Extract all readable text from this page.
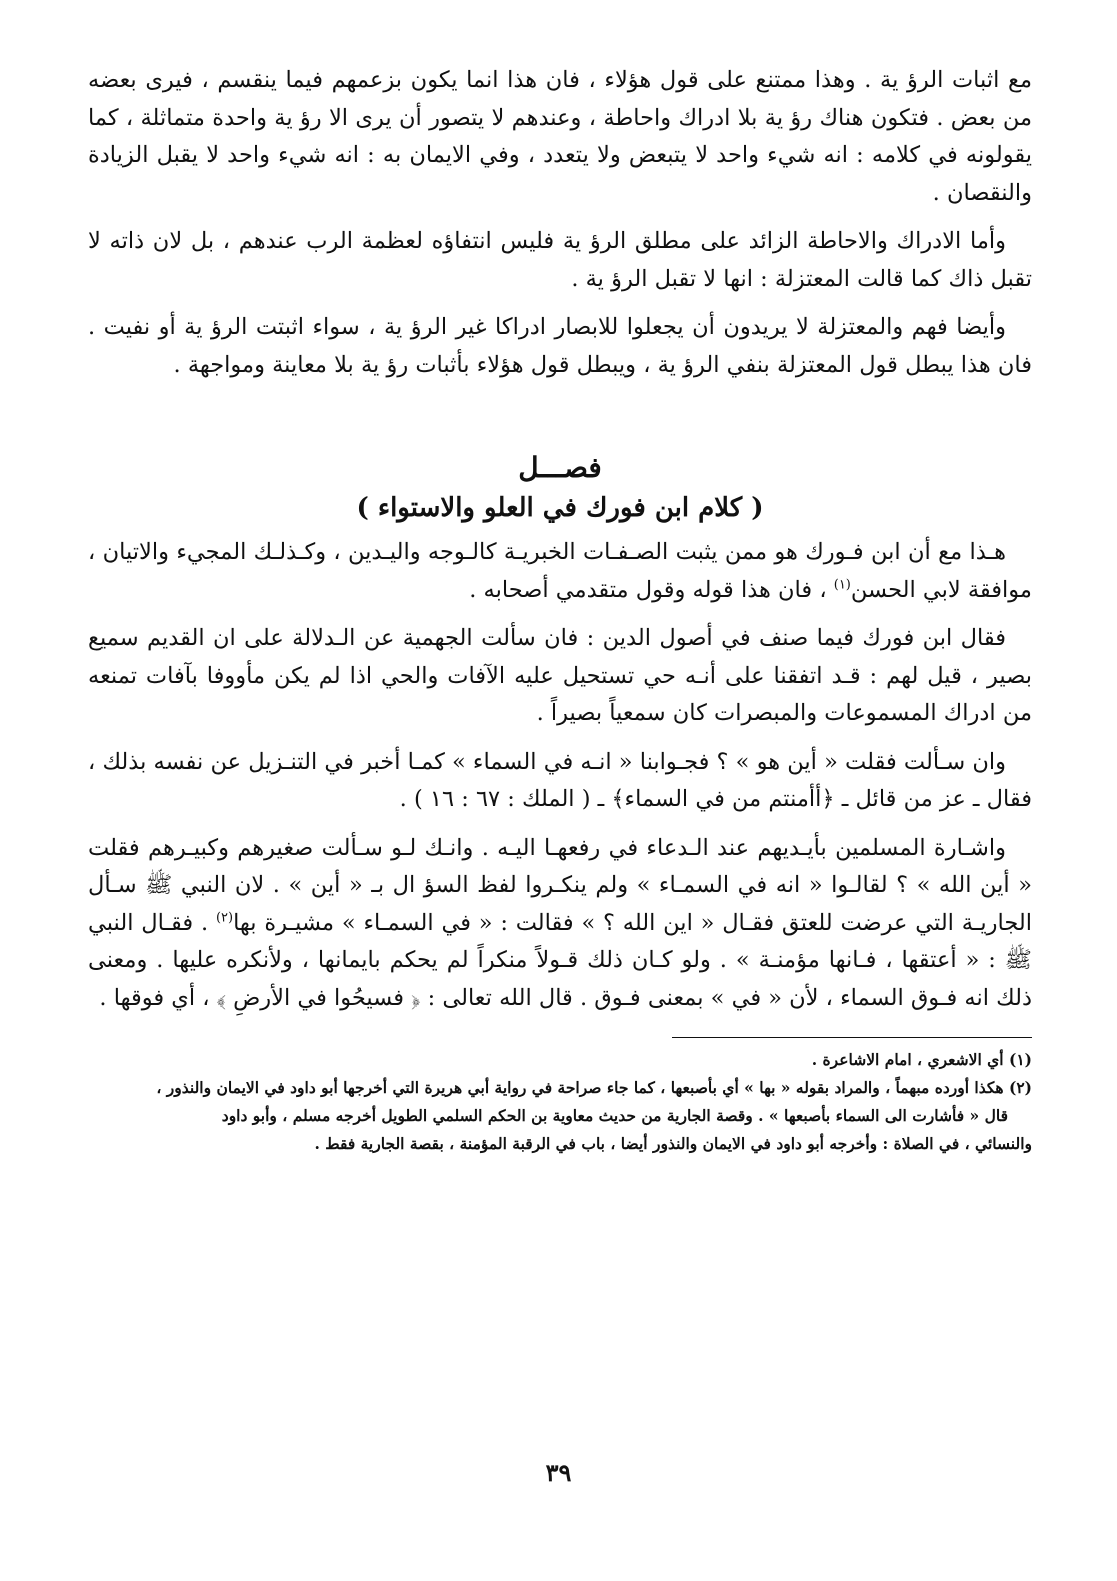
مع اثبات الرؤ ية . وهذا ممتنع على قول هؤلاء ، فان هذا انما يكون بزعمهم فيما ينقسم ، فيرى بعضه من بعض . فتكون هناك رؤ ية بلا ادراك واحاطة ، وعندهم لا يتصور أن يرى الا رؤ ية واحدة متماثلة ، كما يقولونه في كلامه : انه شيء واحد لا يتبعض ولا يتعدد ، وفي الايمان به : انه شيء واحد لا يقبل الزيادة والنقصان .

وأما الادراك والاحاطة الزائد على مطلق الرؤ ية فليس انتفاؤه لعظمة الرب عندهم ، بل لان ذاته لا تقبل ذاك كما قالت المعتزلة : انها لا تقبل الرؤ ية .

وأيضا فهم والمعتزلة لا يريدون أن يجعلوا للابصار ادراكا غير الرؤ ية ، سواء اثبتت الرؤ ية أو نفيت . فان هذا يبطل قول المعتزلة بنفي الرؤ ية ، ويبطل قول هؤلاء بأثبات رؤ ية بلا معاينة ومواجهة .

فصـــل
( كلام ابن فورك في العلو والاستواء )

هـذا مع أن ابن فـورك هو ممن يثبت الصـفـات الخبريـة كالـوجه واليـدين ، وكـذلـك المجيء والاتيان ، موافقة لابي الحسن$^{(١)}$ ، فان هذا قوله وقول متقدمي أصحابه .

فقال ابن فورك فيما صنف في أصول الدين : فان سألت الجهمية عن الـدلالة على ان القديم سميع بصير ، قيل لهم : قـد اتفقنا على أنـه حي تستحيل عليه الآفات والحي اذا لم يكن مأووفا بآفات تمنعه من ادراك المسموعات والمبصرات كان سمعياً بصيراً .

وان سـألت فقلت « أين هو » ؟ فجـوابنا « انـه في السماء » كمـا أخبر في التنـزيل عن نفسه بذلك ، فقال ـ عز من قائل ـ ﴿أأمنتم من في السماء﴾ ـ ( الملك : ٦٧ : ١٦ ) .

واشـارة المسلمين بأيـديهم عند الـدعاء في رفعهـا اليـه . وانـك لـو سـألت صغيرهم وكبيـرهم فقلت « أين الله » ؟ لقالـوا « انه في السمـاء » ولم ينكـروا لفظ السؤ ال بـ « أين » . لان النبي ﷺ سـأل الجاريـة التي عرضت للعتق فقـال « اين الله ؟ » فقالت : « في السمـاء » مشيـرة بها$^{(٢)}$ . فقـال النبي ﷺ : « أعتقها ، فـانها مؤمنـة » . ولو كـان ذلك قـولاً منكراً لم يحكم بايمانها ، ولأنكره عليها . ومعنى ذلك انه فـوق السماء ، لأن « في » بمعنى فـوق . قال الله تعالى : ﴿ فسيحُوا في الأرضِ ﴾ ، أي فوقها .

(١) أي الاشعري ، امام الاشاعرة .

(٢) هكذا أورده مبهماً ، والمراد بقوله « بها » أي بأصبعها ، كما جاء صراحة في رواية أبي هريرة التي أخرجها أبو داود في الايمان والنذور ،

قال « فأشارت الى السماء بأصبعها » . وقصة الجارية من حديث معاوية بن الحكم السلمي الطويل أخرجه مسلم ، وأبو داود

والنسائي ، في الصلاة : وأخرجه أبو داود في الايمان والنذور أيضا ، باب في الرقبة المؤمنة ، بقصة الجارية فقط .

٣٩
